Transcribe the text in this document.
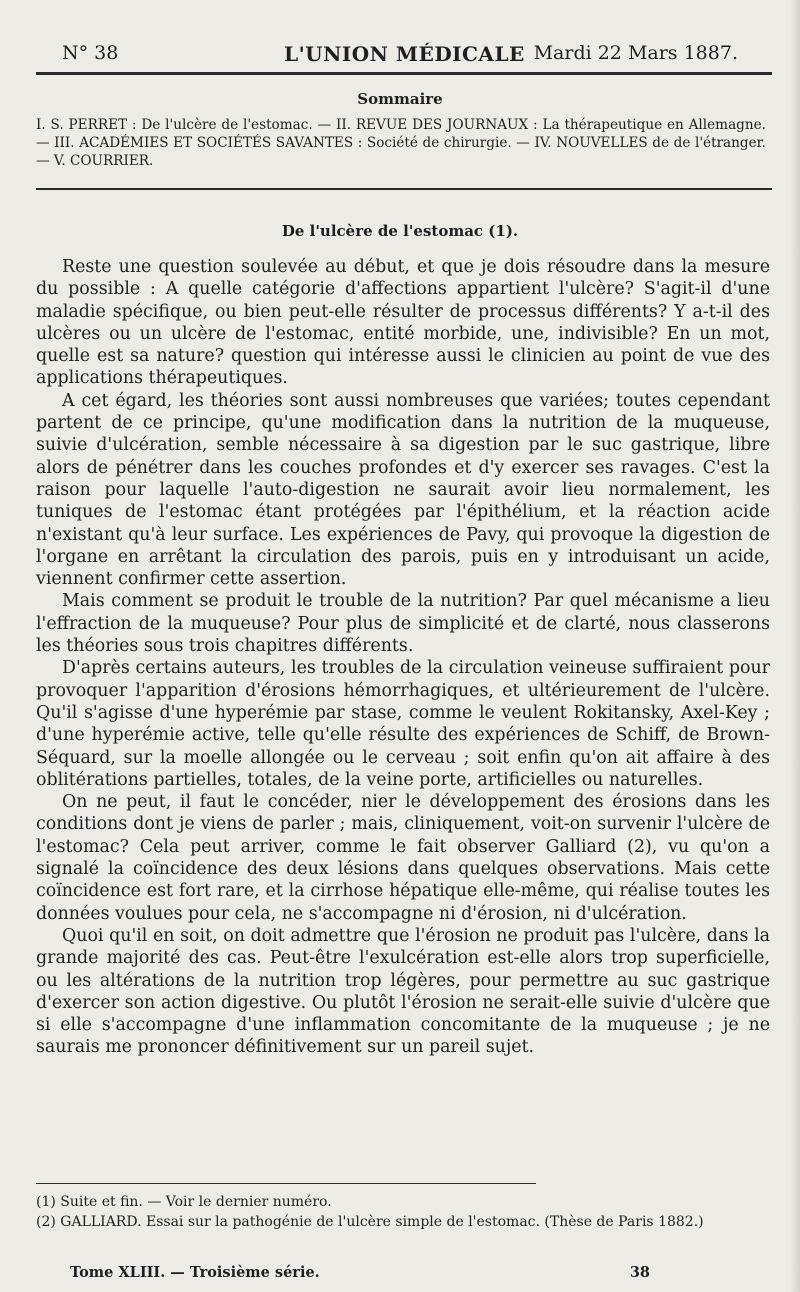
N° 38	L'UNION MÉDICALE Mardi 22 Mars 1887.
Sommaire
I. S. PERRET : De l'ulcère de l'estomac. — II. REVUE DES JOURNAUX : La thérapeutique en Allemagne. — III. ACADÉMIES ET SOCIÉTÉS SAVANTES : Société de chirurgie. — IV. NOUVELLES de de l'étranger. — V. COURRIER.
De l'ulcère de l'estomac (1).

Reste une question soulevée au début, et que je dois résoudre dans la mesure du possible : A quelle catégorie d'affections appartient l'ulcère? S'agit-il d'une maladie spécifique, ou bien peut-elle résulter de processus différents? Y a-t-il des ulcères ou un ulcère de l'estomac, entité morbide, une, indivisible? En un mot, quelle est sa nature? question qui intéresse aussi le clinicien au point de vue des applications thérapeutiques.

A cet égard, les théories sont aussi nombreuses que variées; toutes cependant partent de ce principe, qu'une modification dans la nutrition de la muqueuse, suivie d'ulcération, semble nécessaire à sa digestion par le suc gastrique, libre alors de pénétrer dans les couches profondes et d'y exercer ses ravages. C'est la raison pour laquelle l'auto-digestion ne saurait avoir lieu normalement, les tuniques de l'estomac étant protégées par l'épithélium, et la réaction acide n'existant qu'à leur surface. Les expériences de Pavy, qui provoque la digestion de l'organe en arrêtant la circulation des parois, puis en y introduisant un acide, viennent confirmer cette assertion.

Mais comment se produit le trouble de la nutrition? Par quel mécanisme a lieu l'effraction de la muqueuse? Pour plus de simplicité et de clarté, nous classerons les théories sous trois chapitres différents.

D'après certains auteurs, les troubles de la circulation veineuse suffiraient pour provoquer l'apparition d'érosions hémorrhagiques, et ultérieurement de l'ulcère. Qu'il s'agisse d'une hyperémie par stase, comme le veulent Rokitansky, Axel-Key ; d'une hyperémie active, telle qu'elle résulte des expériences de Schiff, de Brown-Séquard, sur la moelle allongée ou le cerveau ; soit enfin qu'on ait affaire à des oblitérations partielles, totales, de la veine porte, artificielles ou naturelles.

On ne peut, il faut le concéder, nier le développement des érosions dans les conditions dont je viens de parler ; mais, cliniquement, voit-on survenir l'ulcère de l'estomac? Cela peut arriver, comme le fait observer Galliard (2), vu qu'on a signalé la coïncidence des deux lésions dans quelques observations. Mais cette coïncidence est fort rare, et la cirrhose hépatique elle-même, qui réalise toutes les données voulues pour cela, ne s'accompagne ni d'érosion, ni d'ulcération.

Quoi qu'il en soit, on doit admettre que l'érosion ne produit pas l'ulcère, dans la grande majorité des cas. Peut-être l'exulcération est-elle alors trop superficielle, ou les altérations de la nutrition trop légères, pour permettre au suc gastrique d'exercer son action digestive. Ou plutôt l'érosion ne serait-elle suivie d'ulcère que si elle s'accompagne d'une inflammation concomitante de la muqueuse ; je ne saurais me prononcer définitivement sur un pareil sujet.

(1) Suite et fin. — Voir le dernier numéro.

(2) GALLIARD. Essai sur la pathogénie de l'ulcère simple de l'estomac. (Thèse de Paris 1882.)

Tome XLIII. — Troisième série.	38
